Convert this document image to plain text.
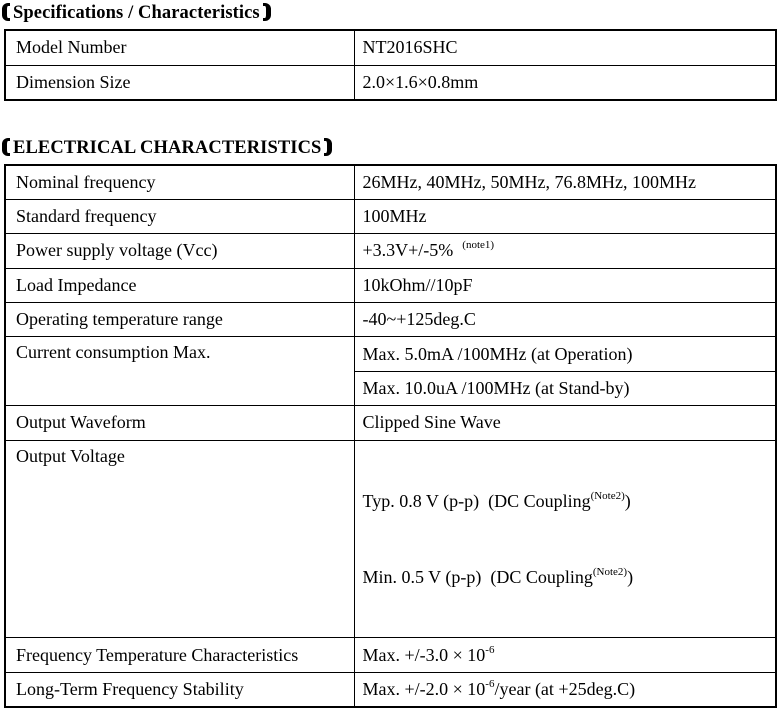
Specifications / Characteristics
Model Number	NT2016SHC
Dimension Size	2.0×1.6×0.8mm
ELECTRICAL CHARACTERISTICS
Nominal frequency	26MHz, 40MHz, 50MHz, 76.8MHz, 100MHz
Standard frequency	100MHz
Power supply voltage (Vcc)	+3.3V+/-5%  $^{(note1)}$
Load Impedance	10kOhm//10pF
Operating temperature range	-40~+125deg.C
Current consumption Max.	Max. 5.0mA /100MHz (at Operation)
	Max. 10.0uA /100MHz (at Stand-by)
Output Waveform	Clipped Sine Wave
Output Voltage	Typ. 0.8 V (p-p)  (DC Coupling$^{(Note2)}$)

Min. 0.5 V (p-p)  (DC Coupling$^{(Note2)}$)

Frequency Temperature Characteristics	Max. $+/-3.0 \times 10^{-6}$
Long-Term Frequency Stability	Max. $+/-2.0 \times 10^{-6}$/year (at +25deg.C)
